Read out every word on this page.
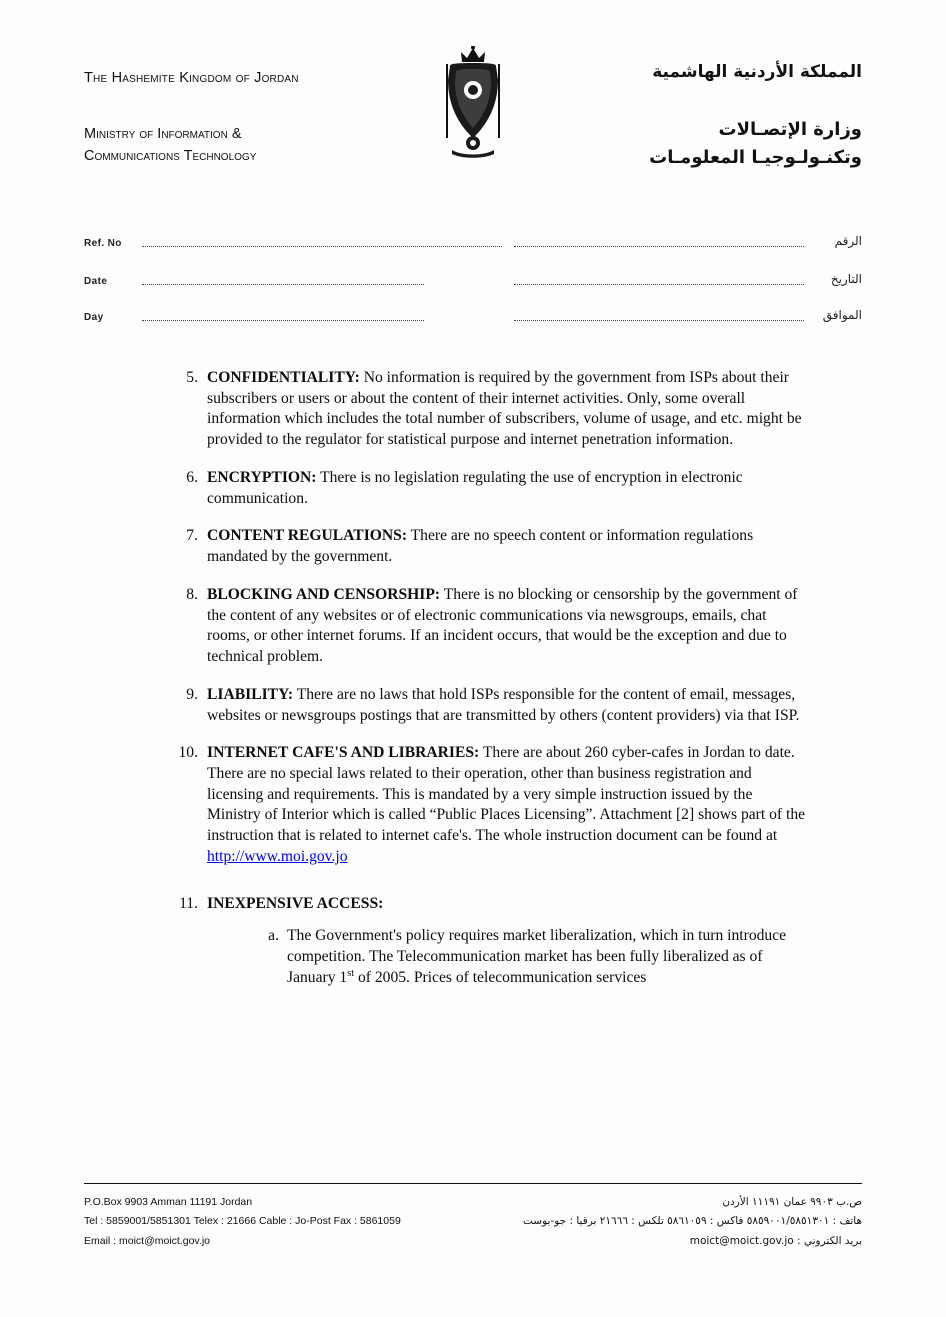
The Hashemite Kingdom of Jordan
Ministry of Information &
Communications Technology
المملكة الأردنية الهاشمية
وزارة الإتصـالات
وتكنـولـوجيـا المعلومـات
Ref. No	الرقم
Date	التاريخ
Day	الموافق
5. CONFIDENTIALITY: No information is required by the government from ISPs about their subscribers or users or about the content of their internet activities. Only, some overall information which includes the total number of subscribers, volume of usage, and etc. might be provided to the regulator for statistical purpose and internet penetration information.
6. ENCRYPTION: There is no legislation regulating the use of encryption in electronic communication.
7. CONTENT REGULATIONS: There are no speech content or information regulations mandated by the government.
8. BLOCKING AND CENSORSHIP: There is no blocking or censorship by the government of the content of any websites or of electronic communications via newsgroups, emails, chat rooms, or other internet forums. If an incident occurs, that would be the exception and due to technical problem.
9. LIABILITY: There are no laws that hold ISPs responsible for the content of email, messages, websites or newsgroups postings that are transmitted by others (content providers) via that ISP.
10. INTERNET CAFE'S AND LIBRARIES: There are about 260 cyber-cafes in Jordan to date. There are no special laws related to their operation, other than business registration and licensing and requirements. This is mandated by a very simple instruction issued by the Ministry of Interior which is called “Public Places Licensing”. Attachment [2] shows part of the instruction that is related to internet cafe's. The whole instruction document can be found at http://www.moi.gov.jo
11. INEXPENSIVE ACCESS:
a. The Government's policy requires market liberalization, which in turn introduce competition. The Telecommunication market has been fully liberalized as of January 1st of 2005. Prices of telecommunication services
P.O.Box 9903 Amman 11191 Jordan
Tel : 5859001/5851301 Telex : 21666 Cable : Jo-Post Fax : 5861059
Email : moict@moict.gov.jo
ص.ب ٩٩٠٣ عمان ١١١٩١ الأردن
هاتف : ٥٨٥٩٠٠١/٥٨٥١٣٠١ فاكس : ٥٨٦١٠٥٩ تلكس : ٢١٦٦٦ برقيا : جو-بوست
بريد الكتروني : moict@moict.gov.jo
